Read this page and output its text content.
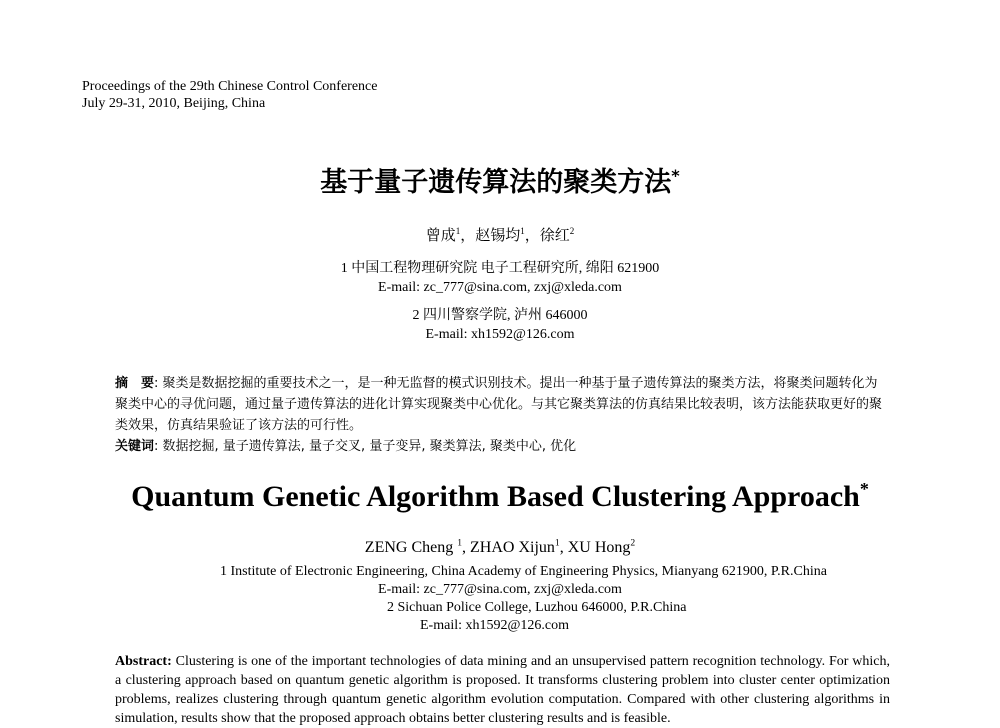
Proceedings of the 29th Chinese Control Conference
July 29-31, 2010, Beijing, China
基于量子遗传算法的聚类方法*
曾成$^1$，赵锡均$^1$，徐红$^2$
1 中国工程物理研究院 电子工程研究所, 绵阳 621900
E-mail: zc_777@sina.com, zxj@xleda.com
2 四川警察学院, 泸州 646000
E-mail: xh1592@126.com
摘　要: 聚类是数据挖掘的重要技术之一，是一种无监督的模式识别技术。提出一种基于量子遗传算法的聚类方法，将聚类问题转化为聚类中心的寻优问题，通过量子遗传算法的进化计算实现聚类中心优化。与其它聚类算法的仿真结果比较表明，该方法能获取更好的聚类效果，仿真结果验证了该方法的可行性。
关键词: 数据挖掘, 量子遗传算法, 量子交叉, 量子变异, 聚类算法, 聚类中心, 优化
Quantum Genetic Algorithm Based Clustering Approach*
ZENG Cheng $^1$, ZHAO Xijun$^1$, XU Hong$^2$
1 Institute of Electronic Engineering, China Academy of Engineering Physics, Mianyang 621900, P.R.China
E-mail: zc_777@sina.com, zxj@xleda.com
2 Sichuan Police College, Luzhou 646000, P.R.China
E-mail: xh1592@126.com
Abstract: Clustering is one of the important technologies of data mining and an unsupervised pattern recognition technology. For which, a clustering approach based on quantum genetic algorithm is proposed. It transforms clustering problem into cluster center optimization problems, realizes clustering through quantum genetic algorithm evolution computation. Compared with other clustering algorithms in simulation, results show that the proposed approach obtains better clustering results and is feasible.
